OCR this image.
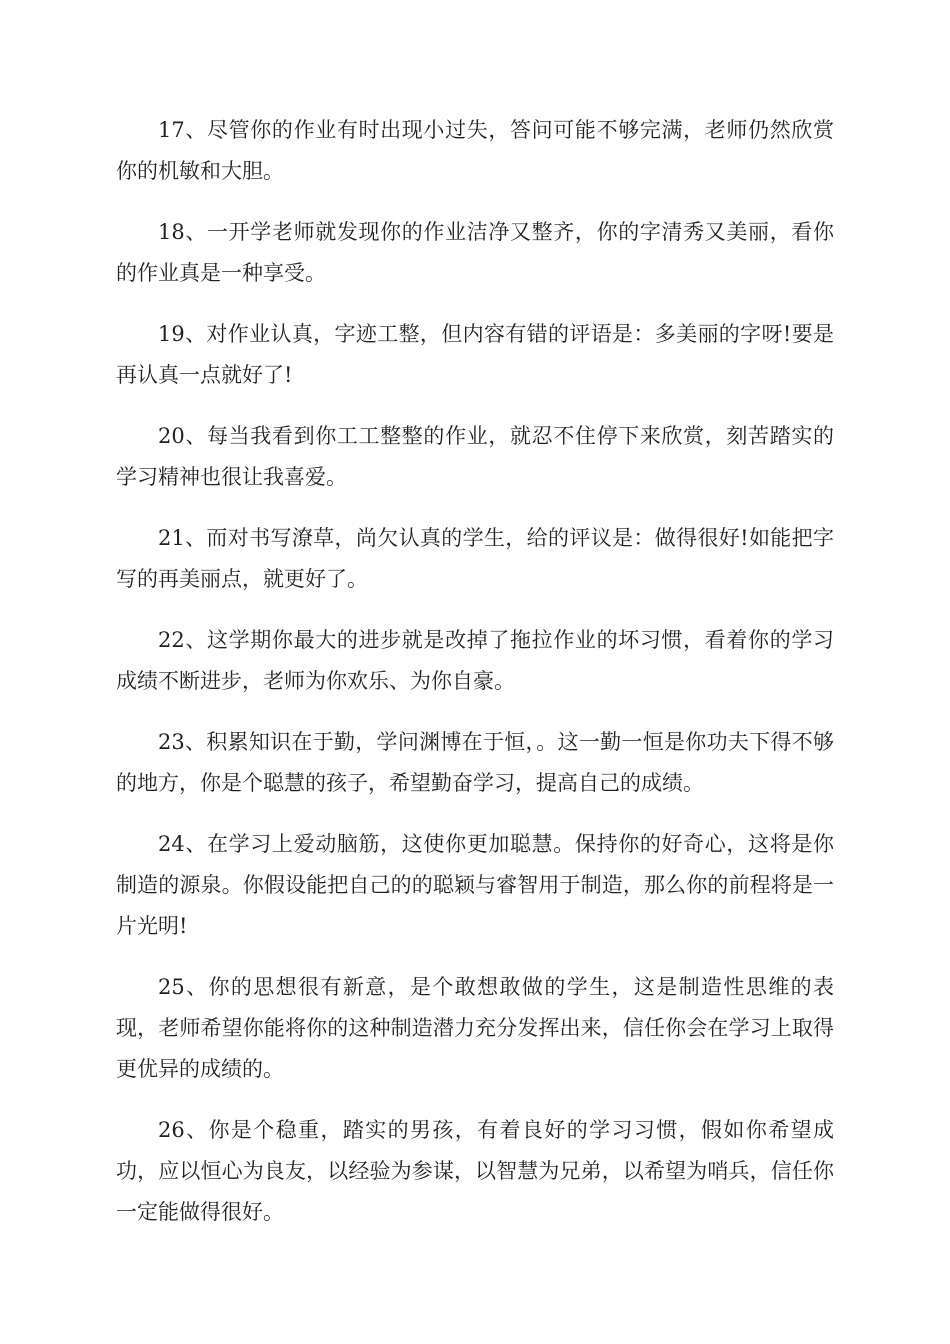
17、尽管你的作业有时出现小过失，答问可能不够完满，老师仍然欣赏你的机敏和大胆。

18、一开学老师就发现你的作业洁净又整齐，你的字清秀又美丽，看你的作业真是一种享受。

19、对作业认真，字迹工整，但内容有错的评语是：多美丽的字呀!要是再认真一点就好了!

20、每当我看到你工工整整的作业，就忍不住停下来欣赏，刻苦踏实的学习精神也很让我喜爱。

21、而对书写潦草，尚欠认真的学生，给的评议是：做得很好!如能把字写的再美丽点，就更好了。

22、这学期你最大的进步就是改掉了拖拉作业的坏习惯，看着你的学习成绩不断进步，老师为你欢乐、为你自豪。

23、积累知识在于勤，学问渊博在于恒，。这一勤一恒是你功夫下得不够的地方，你是个聪慧的孩子，希望勤奋学习，提高自己的成绩。

24、在学习上爱动脑筋，这使你更加聪慧。保持你的好奇心，这将是你制造的源泉。你假设能把自己的的聪颖与睿智用于制造，那么你的前程将是一片光明!

25、你的思想很有新意，是个敢想敢做的学生，这是制造性思维的表现，老师希望你能将你的这种制造潜力充分发挥出来，信任你会在学习上取得更优异的成绩的。

26、你是个稳重，踏实的男孩，有着良好的学习习惯，假如你希望成功，应以恒心为良友，以经验为参谋，以智慧为兄弟，以希望为哨兵，信任你一定能做得很好。
